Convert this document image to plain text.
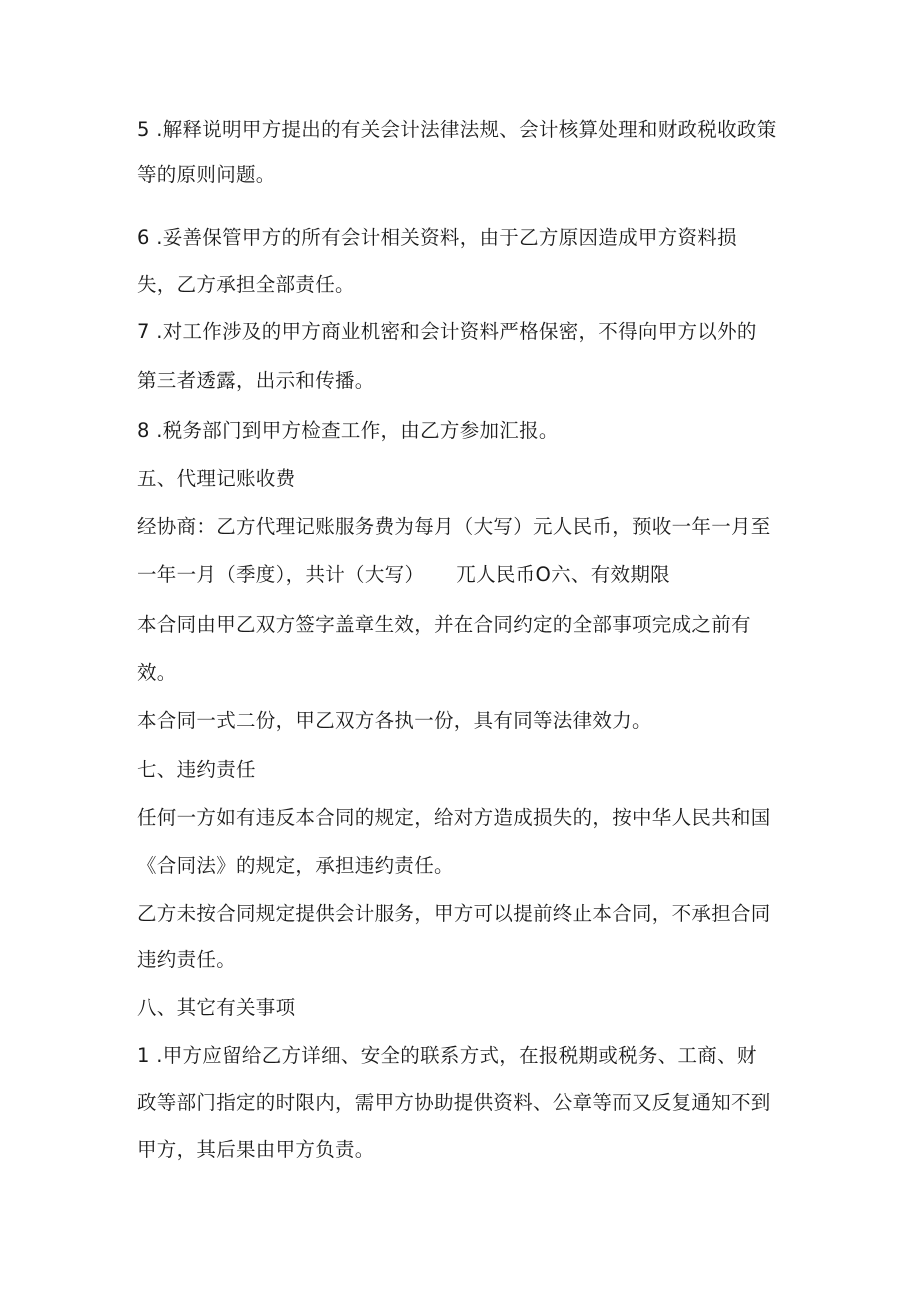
5 .解释说明甲方提出的有关会计法律法规、会计核算处理和财政税收政策
等的原则问题。
6 .妥善保管甲方的所有会计相关资料，由于乙方原因造成甲方资料损
失，乙方承担全部责任。
7 .对工作涉及的甲方商业机密和会计资料严格保密，不得向甲方以外的
第三者透露，出示和传播。
8 .税务部门到甲方检查工作，由乙方参加汇报。
五、代理记账收费
经协商：乙方代理记账服务费为每月（大写）元人民币，预收一年一月至
一年一月（季度），共计（大写） 兀人民币O六、有效期限
本合同由甲乙双方签字盖章生效，并在合同约定的全部事项完成之前有
效。
本合同一式二份，甲乙双方各执一份，具有同等法律效力。
七、违约责任
任何一方如有违反本合同的规定，给对方造成损失的，按中华人民共和国
《合同法》的规定，承担违约责任。
乙方未按合同规定提供会计服务，甲方可以提前终止本合同，不承担合同
违约责任。
八、其它有关事项
1 .甲方应留给乙方详细、安全的联系方式，在报税期或税务、工商、财
政等部门指定的时限内，需甲方协助提供资料、公章等而又反复通知不到
甲方，其后果由甲方负责。
